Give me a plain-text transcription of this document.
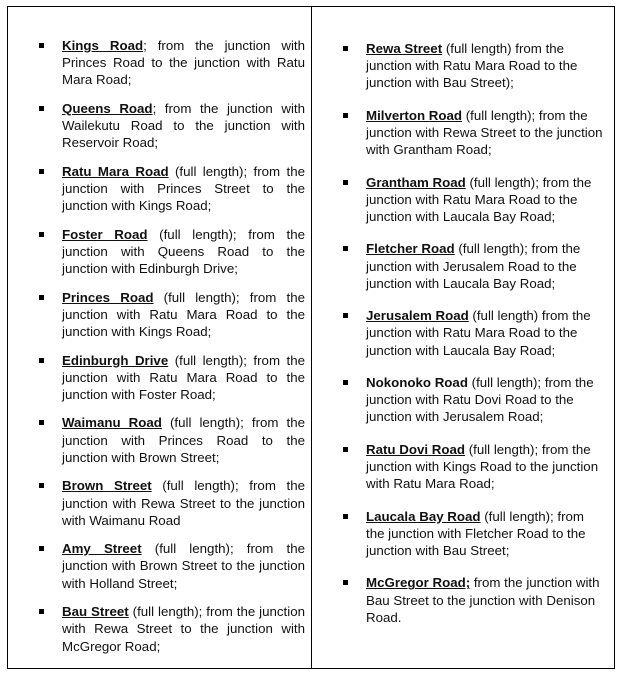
Kings Road; from the junction with Princes Road to the junction with Ratu Mara Road;
Queens Road; from the junction with Wailekutu Road to the junction with Reservoir Road;
Ratu Mara Road (full length); from the junction with Princes Street to the junction with Kings Road;
Foster Road (full length); from the junction with Queens Road to the junction with Edinburgh Drive;
Princes Road (full length); from the junction with Ratu Mara Road to the junction with Kings Road;
Edinburgh Drive (full length); from the junction with Ratu Mara Road to the junction with Foster Road;
Waimanu Road (full length); from the junction with Princes Road to the junction with Brown Street;
Brown Street (full length); from the junction with Rewa Street to the junction with Waimanu Road
Amy Street (full length); from the junction with Brown Street to the junction with Holland Street;
Bau Street (full length); from the junction with Rewa Street to the junction with McGregor Road;
Rewa Street (full length) from the junction with Ratu Mara Road to the junction with Bau Street);
Milverton Road (full length); from the junction with Rewa Street to the junction with Grantham Road;
Grantham Road (full length); from the junction with Ratu Mara Road to the junction with Laucala Bay Road;
Fletcher Road (full length); from the junction with Jerusalem Road to the junction with Laucala Bay Road;
Jerusalem Road (full length) from the junction with Ratu Mara Road to the junction with Laucala Bay Road;
Nokonoko Road (full length); from the junction with Ratu Dovi Road to the junction with Jerusalem Road;
Ratu Dovi Road (full length); from the junction with Kings Road to the junction with Ratu Mara Road;
Laucala Bay Road (full length); from the junction with Fletcher Road to the junction with Bau Street;
McGregor Road; from the junction with Bau Street to the junction with Denison Road.
